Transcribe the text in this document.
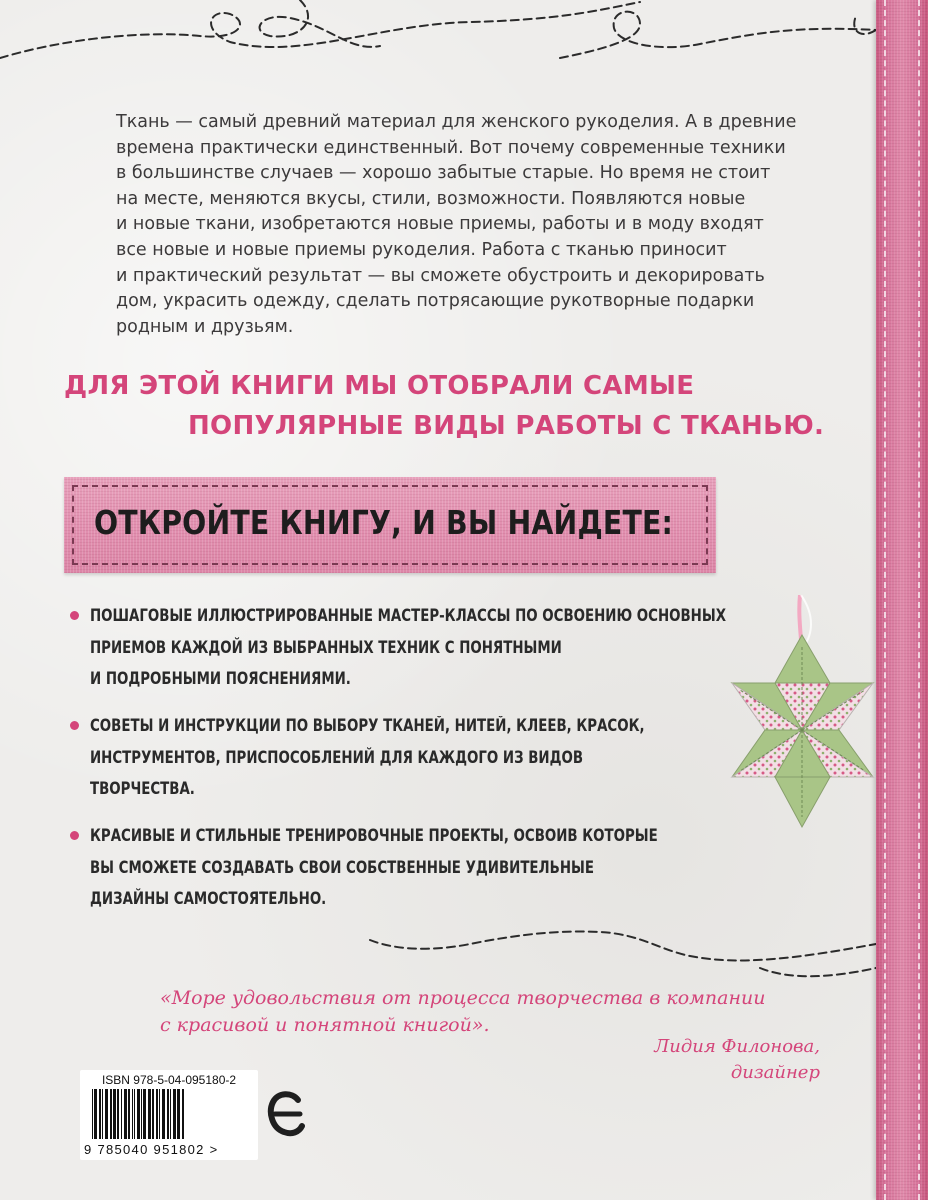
Ткань — самый древний материал для женского рукоделия. А в древние
времена практически единственный. Вот почему современные техники
в большинстве случаев — хорошо забытые старые. Но время не стоит
на месте, меняются вкусы, стили, возможности. Появляются новые
и новые ткани, изобретаются новые приемы, работы и в моду входят
все новые и новые приемы рукоделия. Работа с тканью приносит
и практический результат — вы сможете обустроить и декорировать
дом, украсить одежду, сделать потрясающие рукотворные подарки
родным и друзьям.

ДЛЯ ЭТОЙ КНИГИ МЫ ОТОБРАЛИ САМЫЕ

ПОПУЛЯРНЫЕ ВИДЫ РАБОТЫ С ТКАНЬЮ.

ОТКРОЙТЕ КНИГУ, И ВЫ НАЙДЕТЕ:

ПОШАГОВЫЕ ИЛЛЮСТРИРОВАННЫЕ МАСТЕР-КЛАССЫ ПО ОСВОЕНИЮ ОСНОВНЫХ
ПРИЕМОВ КАЖДОЙ ИЗ ВЫБРАННЫХ ТЕХНИК С ПОНЯТНЫМИ
И ПОДРОБНЫМИ ПОЯСНЕНИЯМИ.
СОВЕТЫ И ИНСТРУКЦИИ ПО ВЫБОРУ ТКАНЕЙ, НИТЕЙ, КЛЕЕВ, КРАСОК,
ИНСТРУМЕНТОВ, ПРИСПОСОБЛЕНИЙ ДЛЯ КАЖДОГО ИЗ ВИДОВ
ТВОРЧЕСТВА.
КРАСИВЫЕ И СТИЛЬНЫЕ ТРЕНИРОВОЧНЫЕ ПРОЕКТЫ, ОСВОИВ КОТОРЫЕ
ВЫ СМОЖЕТЕ СОЗДАВАТЬ СВОИ СОБСТВЕННЫЕ УДИВИТЕЛЬНЫЕ
ДИЗАЙНЫ САМОСТОЯТЕЛЬНО.

«Море удовольствия от процесса творчества в компании
с красивой и понятной книгой».

Лидия Филонова,
дизайнер

ISBN 978-5-04-095180-2

9 785040 951802 >
